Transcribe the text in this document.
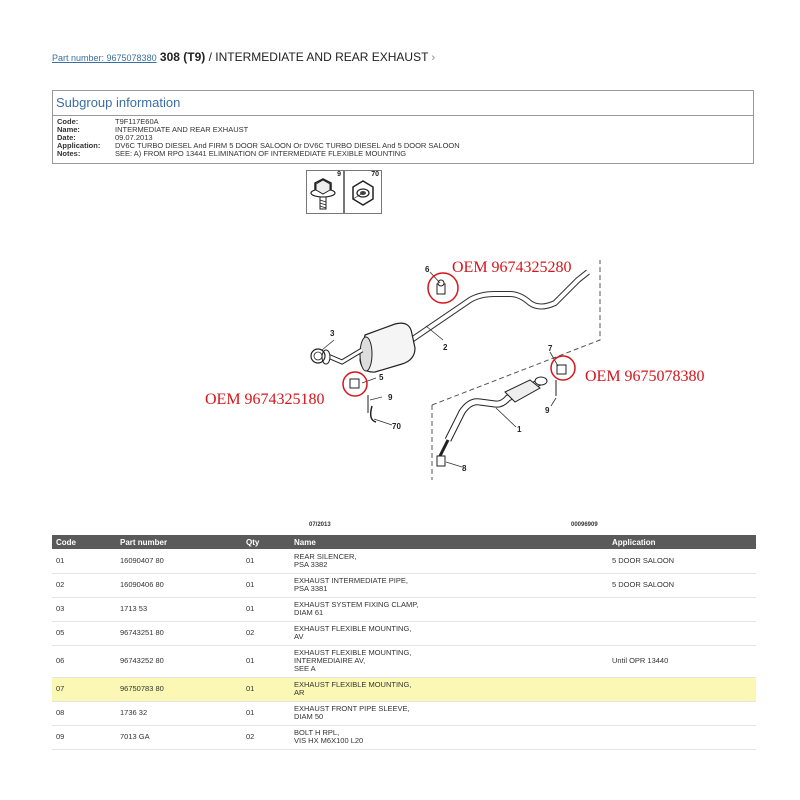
Part number: 9675078380 308 (T9) / INTERMEDIATE AND REAR EXHAUST ›
Subgroup information
Code:	T9F117E60A
Name:	INTERMEDIATE AND REAR EXHAUST
Date:	09.07.2013
Application: DV6C TURBO DIESEL And FIRM 5 DOOR SALOON Or DV6C TURBO DIESEL And 5 DOOR SALOON
Notes:	SEE: A) FROM RPO 13441 ELIMINATION OF INTERMEDIATE FLEXIBLE MOUNTING
9	70
6
2
3
5
9
70
7
9
1
8
OEM 9674325280
OEM 9674325180
OEM 9675078380
07/2013	00096909
Code	Part number	Qty	Name	Application
01	16090407 80	01	REAR SILENCER,
PSA 3382	5 DOOR SALOON
02	16090406 80	01	EXHAUST INTERMEDIATE PIPE,
PSA 3381	5 DOOR SALOON
03	1713 53	01	EXHAUST SYSTEM FIXING CLAMP,
DIAM 61	
05	96743251 80	02	EXHAUST FLEXIBLE MOUNTING,
AV	
06	96743252 80	01	EXHAUST FLEXIBLE MOUNTING,
INTERMEDIAIRE AV,
SEE A	Until OPR 13440
07	96750783 80	01	EXHAUST FLEXIBLE MOUNTING,
AR	
08	1736 32	01	EXHAUST FRONT PIPE SLEEVE,
DIAM 50	
09	7013 GA	02	BOLT H RPL,
VIS HX M6X100 L20	
